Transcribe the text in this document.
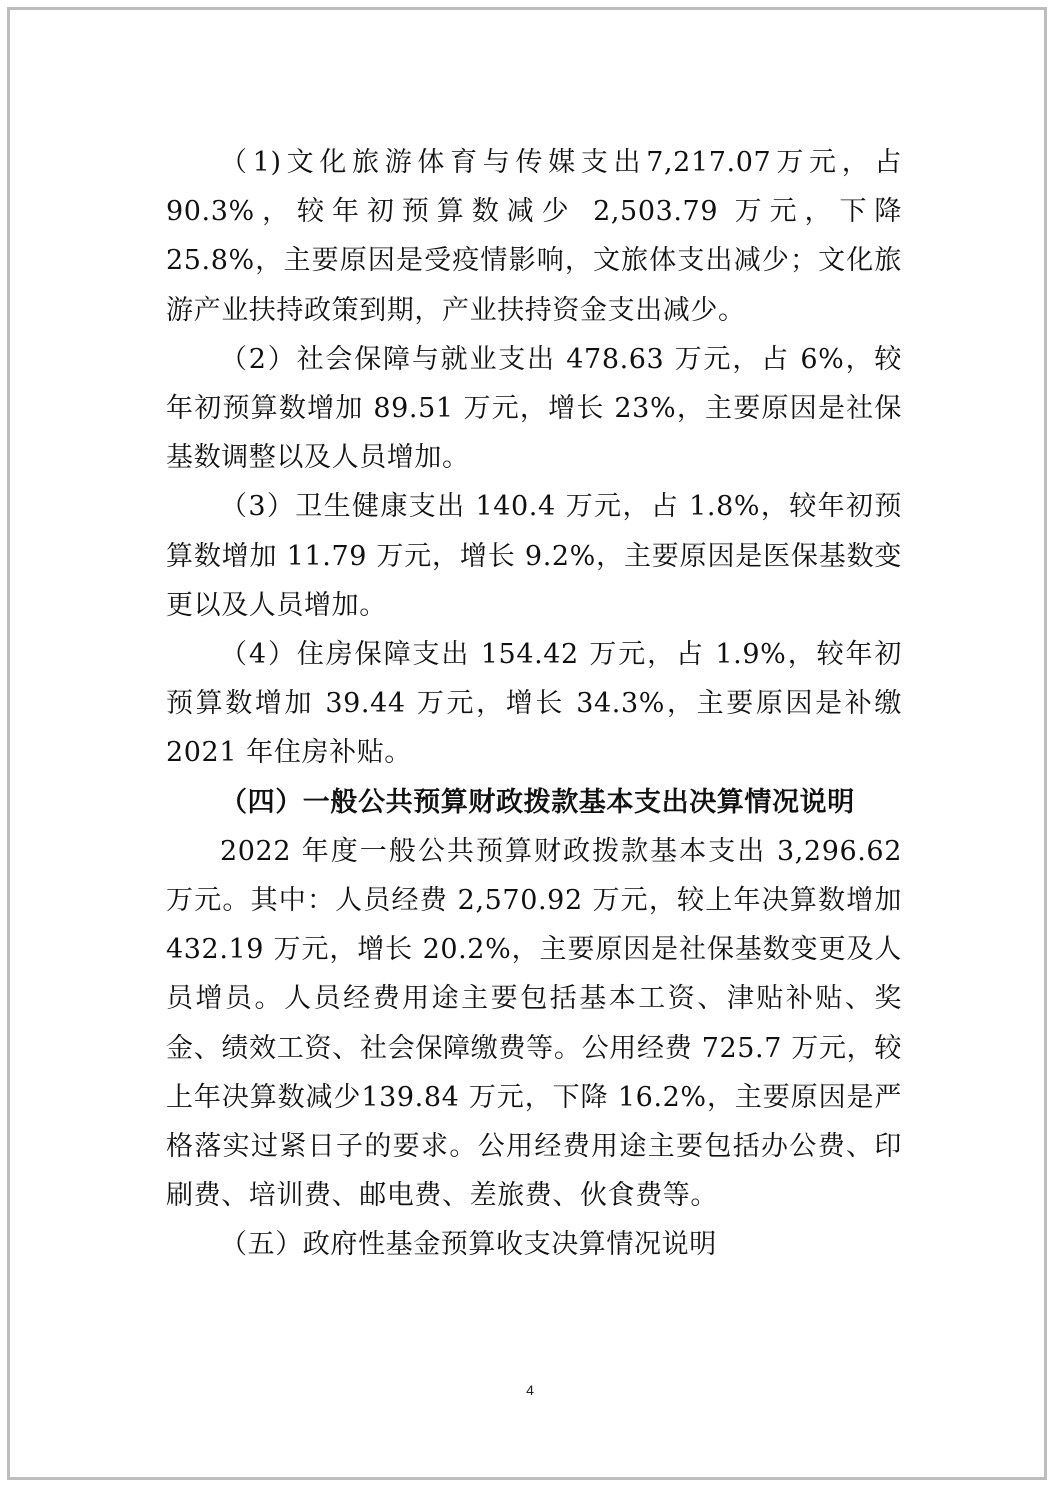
（1)文化旅游体育与传媒支出7,217.07万元，占90.3%，较年初预算数减少 2,503.79 万元，下降 25.8%，主要原因是受疫情影响，文旅体支出减少；文化旅游产业扶持政策到期，产业扶持资金支出减少。

（2）社会保障与就业支出 478.63 万元，占 6%，较年初预算数增加 89.51 万元，增长 23%，主要原因是社保基数调整以及人员增加。

（3）卫生健康支出 140.4 万元，占 1.8%，较年初预算数增加 11.79 万元，增长 9.2%，主要原因是医保基数变更以及人员增加。

（4）住房保障支出 154.42 万元，占 1.9%，较年初预算数增加 39.44 万元，增长 34.3%，主要原因是补缴 2021 年住房补贴。

（四）一般公共预算财政拨款基本支出决算情况说明

2022 年度一般公共预算财政拨款基本支出 3,296.62 万元。其中：人员经费 2,570.92 万元，较上年决算数增加 432.19 万元，增长 20.2%，主要原因是社保基数变更及人员增员。人员经费用途主要包括基本工资、津贴补贴、奖金、绩效工资、社会保障缴费等。公用经费 725.7 万元，较上年决算数减少139.84 万元，下降 16.2%，主要原因是严格落实过紧日子的要求。公用经费用途主要包括办公费、印刷费、培训费、邮电费、差旅费、伙食费等。

（五）政府性基金预算收支决算情况说明

4
